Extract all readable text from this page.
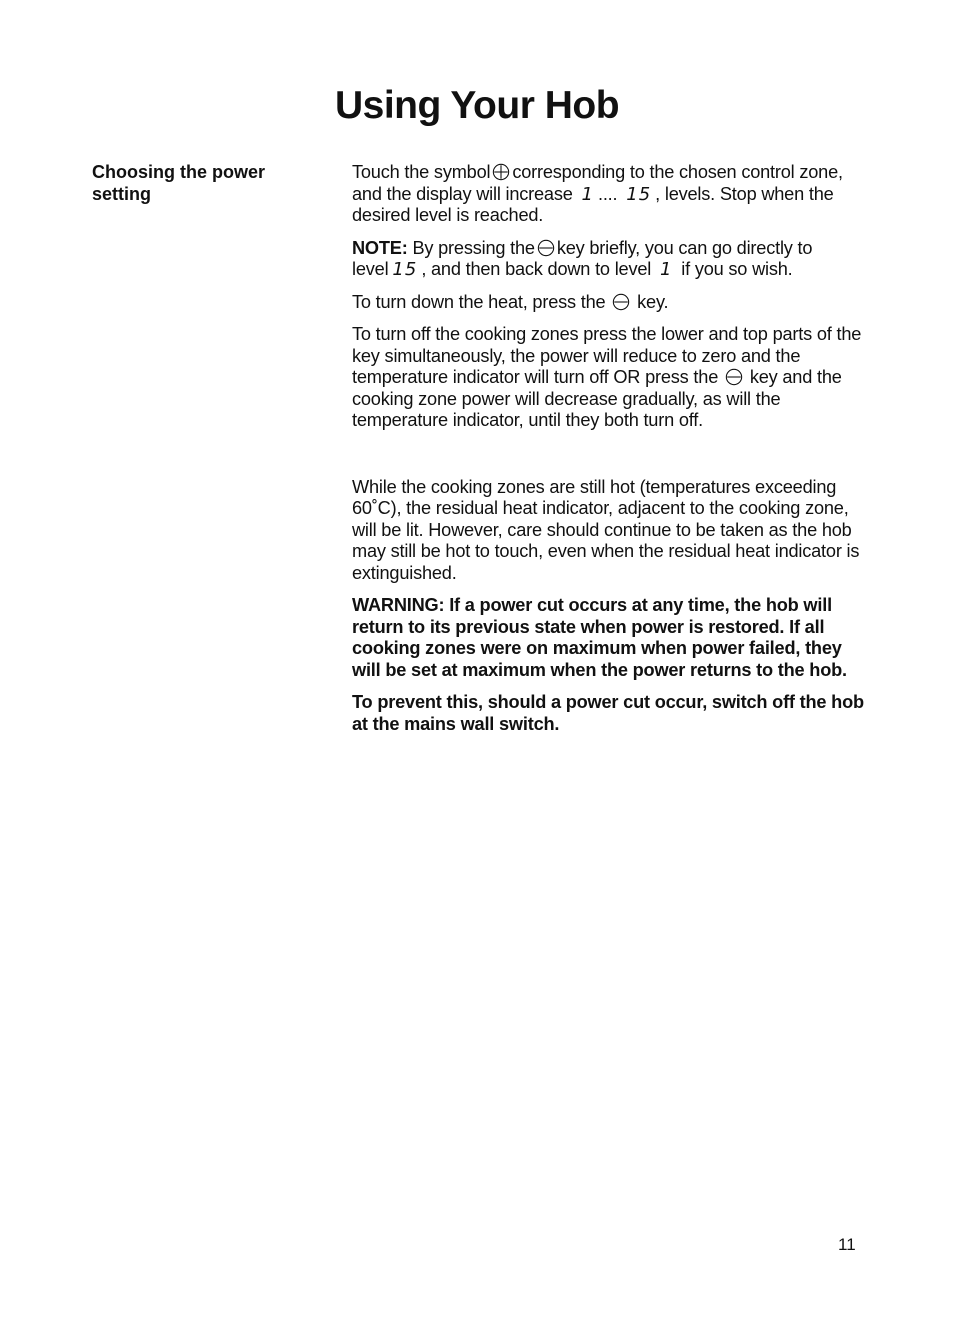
Using Your Hob
Choosing the power setting

Touch the symbol corresponding to the chosen control zone, and the display will increase 1 .... 15 , levels. Stop when the desired level is reached.

NOTE: By pressing the key briefly, you can go directly to level 15 , and then back down to level 1 if you so wish.

To turn down the heat, press the key.

To turn off the cooking zones press the lower and top parts of the key simultaneously, the power will reduce to zero and the temperature indicator will turn off OR press the key and the cooking zone power will decrease gradually, as will the temperature indicator, until they both turn off.

While the cooking zones are still hot (temperatures exceeding 60˚C), the residual heat indicator, adjacent to the cooking zone, will be lit. However, care should continue to be taken as the hob may still be hot to touch, even when the residual heat indicator is extinguished.

WARNING: If a power cut occurs at any time, the hob will return to its previous state when power is restored. If all cooking zones were on maximum when power failed, they will be set at maximum when the power returns to the hob.

To prevent this, should a power cut occur, switch off the hob at the mains wall switch.

11
